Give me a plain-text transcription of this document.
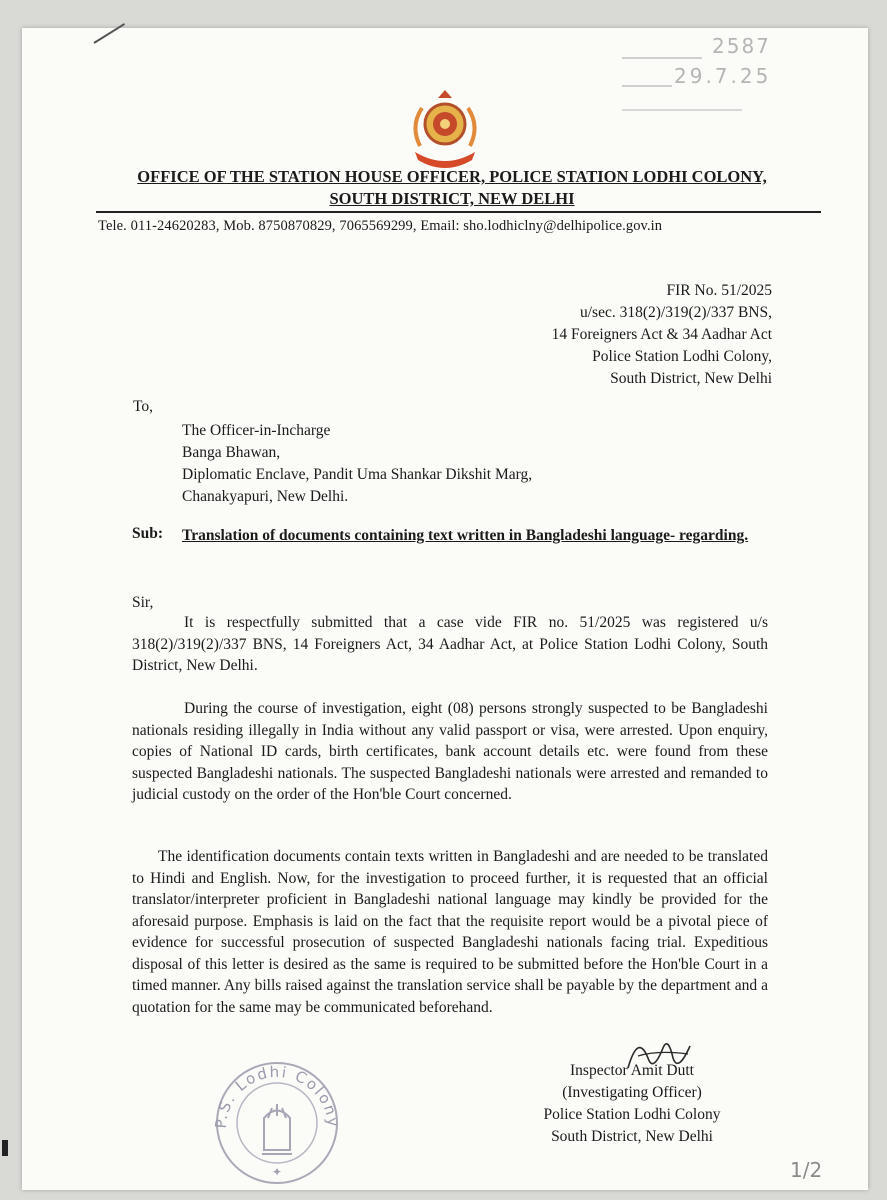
2587
29.7.25
OFFICE OF THE STATION HOUSE OFFICER, POLICE STATION LODHI COLONY,
SOUTH DISTRICT, NEW DELHI
Tele. 011-24620283, Mob. 8750870829, 7065569299, Email: sho.lodhiclny@delhipolice.gov.in
FIR No. 51/2025
u/sec. 318(2)/319(2)/337 BNS,
14 Foreigners Act & 34 Aadhar Act
Police Station Lodhi Colony,
South District, New Delhi
To,
The Officer-in-Incharge
Banga Bhawan,
Diplomatic Enclave, Pandit Uma Shankar Dikshit Marg,
Chanakyapuri, New Delhi.
Sub: Translation of documents containing text written in Bangladeshi language- regarding.
Sir,
It is respectfully submitted that a case vide FIR no. 51/2025 was registered u/s 318(2)/319(2)/337 BNS, 14 Foreigners Act, 34 Aadhar Act, at Police Station Lodhi Colony, South District, New Delhi.
During the course of investigation, eight (08) persons strongly suspected to be Bangladeshi nationals residing illegally in India without any valid passport or visa, were arrested. Upon enquiry, copies of National ID cards, birth certificates, bank account details etc. were found from these suspected Bangladeshi nationals. The suspected Bangladeshi nationals were arrested and remanded to judicial custody on the order of the Hon'ble Court concerned.
The identification documents contain texts written in Bangladeshi and are needed to be translated to Hindi and English. Now, for the investigation to proceed further, it is requested that an official translator/interpreter proficient in Bangladeshi national language may kindly be provided for the aforesaid purpose. Emphasis is laid on the fact that the requisite report would be a pivotal piece of evidence for successful prosecution of suspected Bangladeshi nationals facing trial. Expeditious disposal of this letter is desired as the same is required to be submitted before the Hon'ble Court in a timed manner. Any bills raised against the translation service shall be payable by the department and a quotation for the same may be communicated beforehand.
Inspector Amit Dutt
(Investigating Officer)
Police Station Lodhi Colony
South District, New Delhi
P.S. Lodhi Colony
✦	1/2
